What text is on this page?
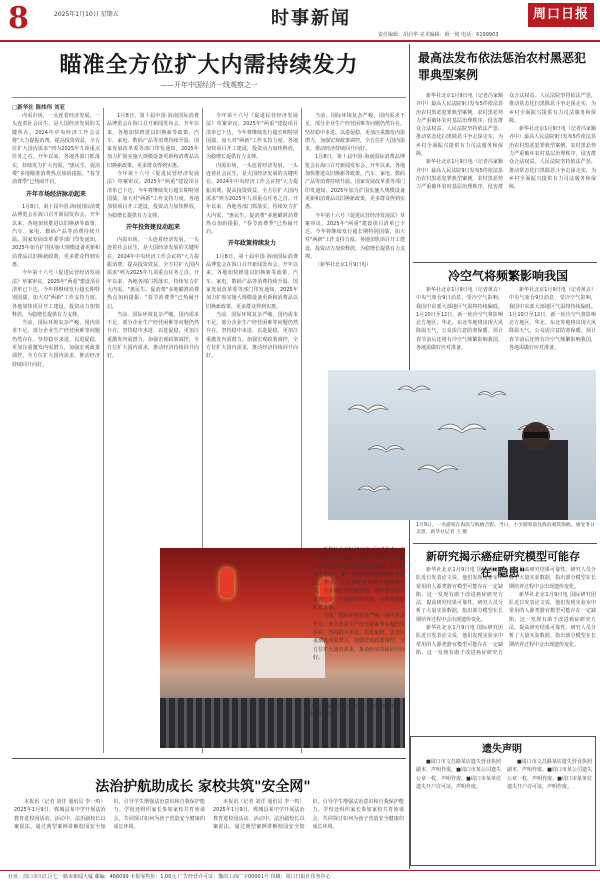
8	2025年1月10日 星期五	时事新闻	周口日报
责任编辑：胡启华 美术编辑：薛一铭 电话：6199903
瞄准全方位扩大内需持续发力
——开年中国经济一线观察之一
□新华社 陈炜伟 刘亚

内需市场，一头连着经济发展，一头连着社会民生，是大国经济发展的关键所在。2024年中央经济工作会议将"大力提振消费、提高投资效益，全方位扩大国内需求"列为2025年九项重点任务之首。开年以来，各地各部门抓落实，持续发力扩大内需。"惠民生、促消费"多地瞄准消费热点加码提振，"春节消费季"已热闹开启。

开年市场经济脉动起来

1月8日，第十届中国·海南国际消费品博览会在海口召开新闻发布会。开年以来，各地加快推进以旧换新等政策，汽车、家电、数码产品等消费持续升温。国家发展改革委等部门印发通知，2025年加力扩围实施大规模设备更新和消费品以旧换新政策，更多群众得到实惠。

今年第十六号《促进民营经济发展法》草案审议。2025年"两重"建设项目清单已下达，今年将继续发行超长期特别国债，加大对"两新"工作支持力度。各地加快项目开工建设，投资动力加快释放，为稳增长提供有力支撑。

当前，国际环境复杂严峻，国内需求不足、部分企业生产经营困难等问题仍然存在。坚持稳中求进、以进促稳，更加注重激发内需潜力，加强宏观政策调控，全方位扩大国内需求，推动经济持续回升向好。

1月8日，第十届中国·海南国际消费品博览会在海口召开新闻发布会。开年以来，各地加快推进以旧换新等政策，汽车、家电、数码产品等消费持续升温。国家发展改革委等部门印发通知，2025年加力扩围实施大规模设备更新和消费品以旧换新政策，更多群众得到实惠。

今年第十六号《促进民营经济发展法》草案审议。2025年"两重"建设项目清单已下达，今年将继续发行超长期特别国债，加大对"两新"工作支持力度。各地加快项目开工建设，投资动力加快释放，为稳增长提供有力支撑。

开年投资建设动起来

内需市场，一头连着经济发展，一头连着社会民生，是大国经济发展的关键所在。2024年中央经济工作会议将"大力提振消费、提高投资效益，全方位扩大国内需求"列为2025年九项重点任务之首。开年以来，各地各部门抓落实，持续发力扩大内需。"惠民生、促消费"多地瞄准消费热点加码提振，"春节消费季"已热闹开启。

当前，国际环境复杂严峻，国内需求不足、部分企业生产经营困难等问题仍然存在。坚持稳中求进、以进促稳，更加注重激发内需潜力，加强宏观政策调控，全方位扩大国内需求，推动经济持续回升向好。

今年第十六号《促进民营经济发展法》草案审议。2025年"两重"建设项目清单已下达，今年将继续发行超长期特别国债，加大对"两新"工作支持力度。各地加快项目开工建设，投资动力加快释放，为稳增长提供有力支撑。

内需市场，一头连着经济发展，一头连着社会民生，是大国经济发展的关键所在。2024年中央经济工作会议将"大力提振消费、提高投资效益，全方位扩大国内需求"列为2025年九项重点任务之首。开年以来，各地各部门抓落实，持续发力扩大内需。"惠民生、促消费"多地瞄准消费热点加码提振，"春节消费季"已热闹开启。

开年政策持续发力

1月8日，第十届中国·海南国际消费品博览会在海口召开新闻发布会。开年以来，各地加快推进以旧换新等政策，汽车、家电、数码产品等消费持续升温。国家发展改革委等部门印发通知，2025年加力扩围实施大规模设备更新和消费品以旧换新政策，更多群众得到实惠。

当前，国际环境复杂严峻，国内需求不足、部分企业生产经营困难等问题仍然存在。坚持稳中求进、以进促稳，更加注重激发内需潜力，加强宏观政策调控，全方位扩大国内需求，推动经济持续回升向好。

当前，国际环境复杂严峻，国内需求不足、部分企业生产经营困难等问题仍然存在。坚持稳中求进、以进促稳，更加注重激发内需潜力，加强宏观政策调控，全方位扩大国内需求，推动经济持续回升向好。

1月8日，第十届中国·海南国际消费品博览会在海口召开新闻发布会。开年以来，各地加快推进以旧换新等政策，汽车、家电、数码产品等消费持续升温。国家发展改革委等部门印发通知，2025年加力扩围实施大规模设备更新和消费品以旧换新政策，更多群众得到实惠。

今年第十六号《促进民营经济发展法》草案审议。2025年"两重"建设项目清单已下达，今年将继续发行超长期特别国债，加大对"两新"工作支持力度。各地加快项目开工建设，投资动力加快释放，为稳增长提供有力支撑。

（新华社北京1月9日电）

1月8日，顾客在山东青岛一家超市选购年货。新华社发
最高法发布依法惩治农村黑恶犯罪典型案例

新华社北京1月9日电（记者冯家顺 齐中）最高人民法院9日发布5件依法惩治农村黑恶犯罪典型案例。农村黑恶势力严重破坏农村基层治理秩序，侵害群众合法权益。人民法院坚持依法严惩，推动常态化扫黑除恶斗争走深走实，为乡村全面振兴提供有力司法服务和保障。

新华社北京1月9日电（记者冯家顺 齐中）最高人民法院9日发布5件依法惩治农村黑恶犯罪典型案例。农村黑恶势力严重破坏农村基层治理秩序，侵害群众合法权益。人民法院坚持依法严惩，推动常态化扫黑除恶斗争走深走实，为乡村全面振兴提供有力司法服务和保障。

新华社北京1月9日电（记者冯家顺 齐中）最高人民法院9日发布5件依法惩治农村黑恶犯罪典型案例。农村黑恶势力严重破坏农村基层治理秩序，侵害群众合法权益。人民法院坚持依法严惩，推动常态化扫黑除恶斗争走深走实，为乡村全面振兴提供有力司法服务和保障。

冷空气将频繁影响我国

新华社北京1月9日电（记者黄垚）中央气象台9日消息，受冷空气影响，我国中东部大部地区气温将持续偏低。1月10日至12日，新一轮冷空气将影响北方地区，华北、东北等地将出现大风降温天气，公众需注意防寒保暖。预计春节前后还将有冷空气频繁影响我国，各地需做好应对准备。

新华社北京1月9日电（记者黄垚）中央气象台9日消息，受冷空气影响，我国中东部大部地区气温将持续偏低。1月10日至12日，新一轮冷空气将影响北方地区，华北、东北等地将出现大风降温天气，公众需注意防寒保暖。预计春节前后还将有冷空气频繁影响我国，各地需做好应对准备。

新华社北京1月9日电（记者黄垚）中央气象台9日消息，受冷空气影响，我国中东部大部地区气温将持续偏低。1月10日至12日，新一轮冷空气将影响北方地区，华北、东北等地将出现大风降温天气，公众需注意防寒保暖。预计春节前后还将有冷空气频繁影响我国，各地需做好应对准备。

当前，国际环境复杂严峻，国内需求不足、部分企业生产经营困难等问题仍然存在。坚持稳中求进、以进促稳，更加注重激发内需潜力，加强宏观政策调控，全方位扩大国内需求，推动经济持续回升向好。

1月9日，一名游客在海滨与海鸥合影。当日，不少游客前往海滨观赏海鸥，感受冬日美景。新华社记者 王 摄
新研究揭示癌症研究模型可能存在"隐患"

新华社北京1月9日电 国际研究团队近日发表论文说，他们发现实验室中常用的人源类器官模型可能存在一定缺陷，这一发现有助于改进癌症研究方法，提高研究结果可靠性。研究人员分析了大量实验数据，指出部分模型在长期培养过程中会出现遗传变化。

新华社北京1月9日电 国际研究团队近日发表论文说，他们发现实验室中常用的人源类器官模型可能存在一定缺陷，这一发现有助于改进癌症研究方法，提高研究结果可靠性。研究人员分析了大量实验数据，指出部分模型在长期培养过程中会出现遗传变化。

新华社北京1月9日电 国际研究团队近日发表论文说，他们发现实验室中常用的人源类器官模型可能存在一定缺陷，这一发现有助于改进癌症研究方法，提高研究结果可靠性。研究人员分析了大量实验数据，指出部分模型在长期培养过程中会出现遗传变化。

遗失声明

■周口市文昌路某店遗失营业执照副本，声明作废。■周口市某公司遗失公章一枚，声明作废。■周口市某单位遗失开户许可证，声明作废。

■周口市文昌路某店遗失营业执照副本，声明作废。■周口市某公司遗失公章一枚，声明作废。■周口市某单位遗失开户许可证，声明作废。

法治护航助成长 家校共筑"安全网"

本报讯（记者 刘洋 通讯员 李一鸣）2025年1月9日，郸城县某中学开展法治教育进校园活动。活动中，法治副校长以案说法，通过典型案例讲解校园安全知识，引导学生增强法治意识和自我保护能力。学校还组织家长参加家校共育座谈会，共同探讨如何为孩子营造安全健康的成长环境。

本报讯（记者 刘洋 通讯员 李一鸣）2025年1月9日，郸城县某中学开展法治教育进校园活动。活动中，法治副校长以案说法，通过典型案例讲解校园安全知识，引导学生增强法治意识和自我保护能力。学校还组织家长参加家校共育座谈会，共同探讨如何为孩子营造安全健康的成长环境。

社址：周口市川汇区七一路市新闻大厦 邮编：466099 本报零售价：1.00元 广告经营许可证：豫周工商广字00001号 印刷：周口日报社印务中心
